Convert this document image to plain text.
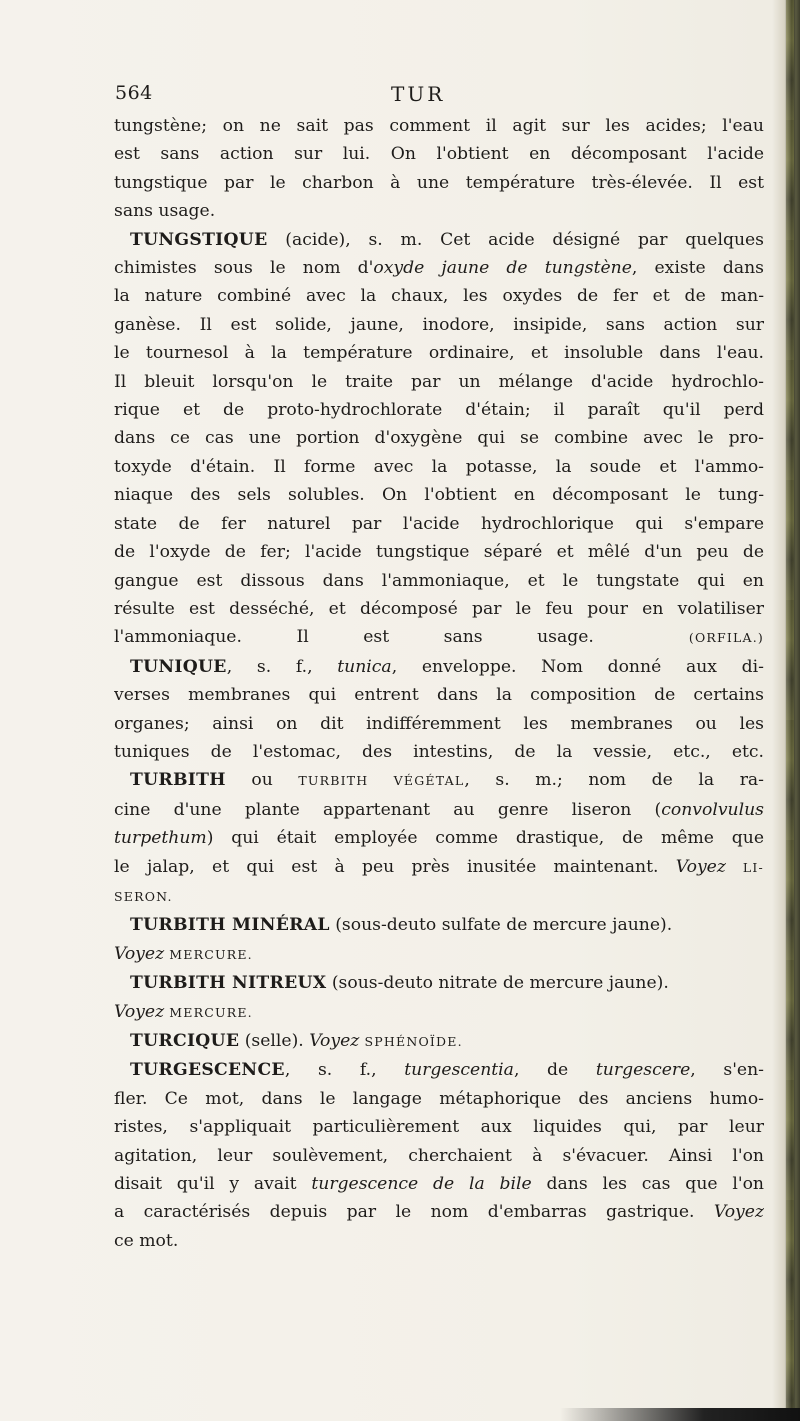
564	TUR
tungstène; on ne sait pas comment il agit sur les acides; l'eau
est sans action sur lui. On l'obtient en décomposant l'acide
tungstique par le charbon à une température très-élevée. Il est
sans usage.
TUNGSTIQUE (acide), s. m. Cet acide désigné par quelques
chimistes sous le nom d'oxyde jaune de tungstène, existe dans
la nature combiné avec la chaux, les oxydes de fer et de man-
ganèse. Il est solide, jaune, inodore, insipide, sans action sur
le tournesol à la température ordinaire, et insoluble dans l'eau.
Il bleuit lorsqu'on le traite par un mélange d'acide hydrochlo-
rique et de proto-hydrochlorate d'étain; il paraît qu'il perd
dans ce cas une portion d'oxygène qui se combine avec le pro-
toxyde d'étain. Il forme avec la potasse, la soude et l'ammo-
niaque des sels solubles. On l'obtient en décomposant le tung-
state de fer naturel par l'acide hydrochlorique qui s'empare
de l'oxyde de fer; l'acide tungstique séparé et mêlé d'un peu de
gangue est dissous dans l'ammoniaque, et le tungstate qui en
résulte est desséché, et décomposé par le feu pour en volatiliser
l'ammoniaque. Il est sans usage.	(ORFILA.)
TUNIQUE, s. f., tunica, enveloppe. Nom donné aux di-
verses membranes qui entrent dans la composition de certains
organes; ainsi on dit indifféremment les membranes ou les
tuniques de l'estomac, des intestins, de la vessie, etc., etc.
TURBITH ou TURBITH VÉGÉTAL, s. m.; nom de la ra-
cine d'une plante appartenant au genre liseron (convolvulus
turpethum) qui était employée comme drastique, de même que
le jalap, et qui est à peu près inusitée maintenant. Voyez LI-
SERON.
TURBITH MINÉRAL (sous-deuto sulfate de mercure jaune).
Voyez MERCURE.
TURBITH NITREUX (sous-deuto nitrate de mercure jaune).
Voyez MERCURE.
TURCIQUE (selle). Voyez SPHÉNOÏDE.
TURGESCENCE, s. f., turgescentia, de turgescere, s'en-
fler. Ce mot, dans le langage métaphorique des anciens humo-
ristes, s'appliquait particulièrement aux liquides qui, par leur
agitation, leur soulèvement, cherchaient à s'évacuer. Ainsi l'on
disait qu'il y avait turgescence de la bile dans les cas que l'on
a caractérisés depuis par le nom d'embarras gastrique. Voyez
ce mot.
